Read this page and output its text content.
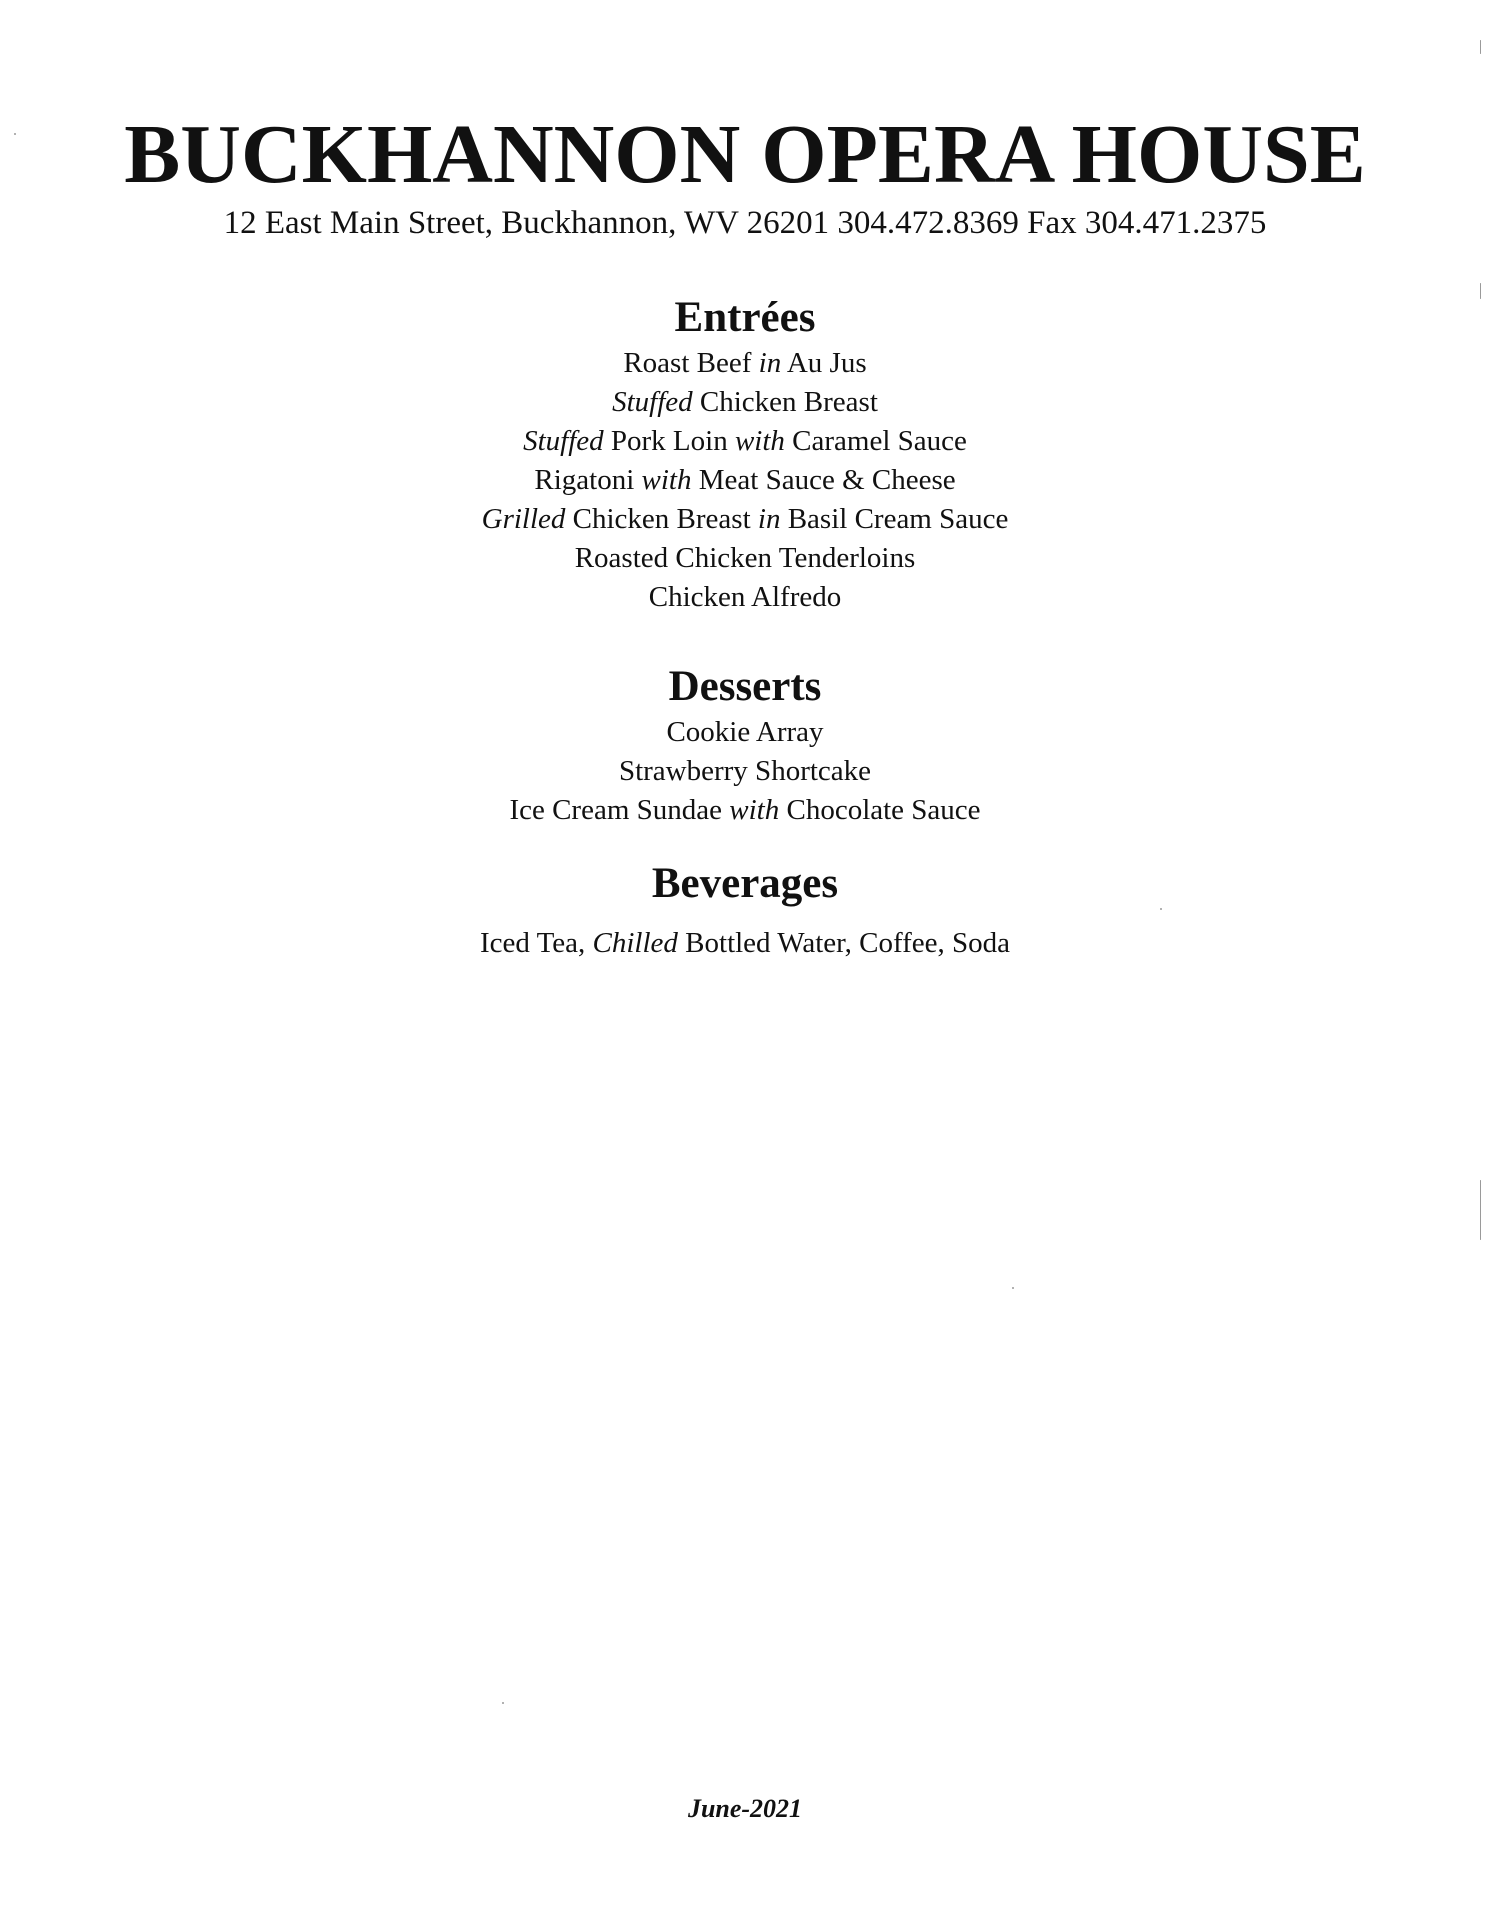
BUCKHANNON OPERA HOUSE
12 East Main Street, Buckhannon, WV 26201 304.472.8369 Fax 304.471.2375
Entrées
Roast Beef in Au Jus
Stuffed Chicken Breast
Stuffed Pork Loin with Caramel Sauce
Rigatoni with Meat Sauce & Cheese
Grilled Chicken Breast in Basil Cream Sauce
Roasted Chicken Tenderloins
Chicken Alfredo
Desserts
Cookie Array
Strawberry Shortcake
Ice Cream Sundae with Chocolate Sauce
Beverages
Iced Tea, Chilled Bottled Water, Coffee, Soda
June-2021
